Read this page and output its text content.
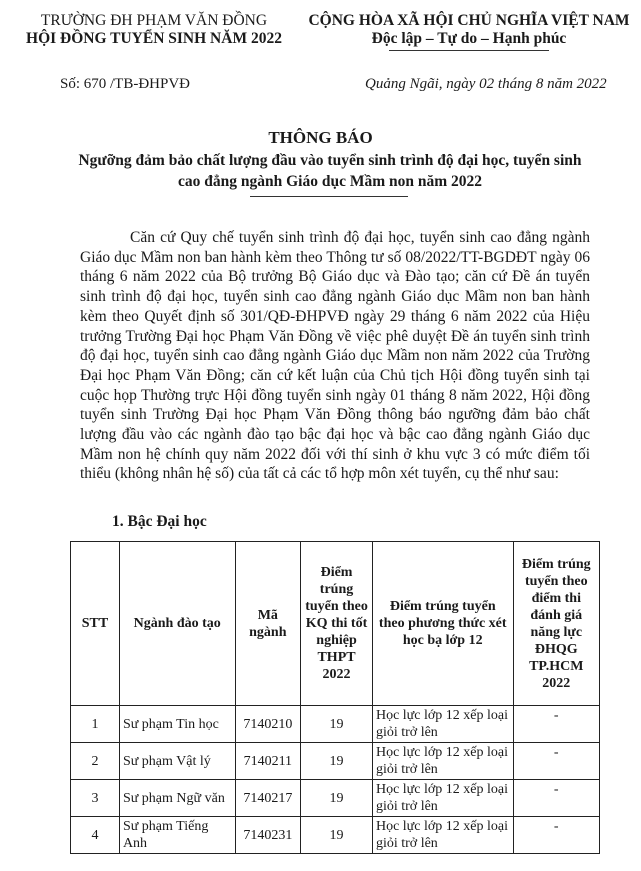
TRƯỜNG ĐH PHẠM VĂN ĐỒNG
HỘI ĐỒNG TUYỂN SINH NĂM 2022
CỘNG HÒA XÃ HỘI CHỦ NGHĨA VIỆT NAM
Độc lập – Tự do – Hạnh phúc
Số: 670 /TB-ĐHPVĐ	Quảng Ngãi, ngày 02 tháng 8 năm 2022
THÔNG BÁO
Ngưỡng đảm bảo chất lượng đầu vào tuyển sinh trình độ đại học, tuyển sinh cao đẳng ngành Giáo dục Mầm non năm 2022
Căn cứ Quy chế tuyển sinh trình độ đại học, tuyển sinh cao đẳng ngành Giáo dục Mầm non ban hành kèm theo Thông tư số 08/2022/TT-BGDĐT ngày 06 tháng 6 năm 2022 của Bộ trưởng Bộ Giáo dục và Đào tạo; căn cứ Đề án tuyển sinh trình độ đại học, tuyển sinh cao đẳng ngành Giáo dục Mầm non ban hành kèm theo Quyết định số 301/QĐ-ĐHPVĐ ngày 29 tháng 6 năm 2022 của Hiệu trưởng Trường Đại học Phạm Văn Đồng về việc phê duyệt Đề án tuyển sinh trình độ đại học, tuyển sinh cao đẳng ngành Giáo dục Mầm non năm 2022 của Trường Đại học Phạm Văn Đồng; căn cứ kết luận của Chủ tịch Hội đồng tuyển sinh tại cuộc họp Thường trực Hội đồng tuyển sinh ngày 01 tháng 8 năm 2022, Hội đồng tuyển sinh Trường Đại học Phạm Văn Đồng thông báo ngưỡng đảm bảo chất lượng đầu vào các ngành đào tạo bậc đại học và bậc cao đẳng ngành Giáo dục Mầm non hệ chính quy năm 2022 đối với thí sinh ở khu vực 3 có mức điểm tối thiểu (không nhân hệ số) của tất cả các tổ hợp môn xét tuyển, cụ thể như sau:
1. Bậc Đại học
STT	Ngành đào tạo	Mã ngành	Điểm trúng tuyển theo KQ thi tốt nghiệp THPT 2022	Điểm trúng tuyển theo phương thức xét học bạ lớp 12	Điểm trúng tuyển theo điểm thi đánh giá năng lực ĐHQG TP.HCM 2022
1	Sư phạm Tin học	7140210	19	Học lực lớp 12 xếp loại giỏi trở lên	-
2	Sư phạm Vật lý	7140211	19	Học lực lớp 12 xếp loại giỏi trở lên	-
3	Sư phạm Ngữ văn	7140217	19	Học lực lớp 12 xếp loại giỏi trở lên	-
4	Sư phạm Tiếng Anh	7140231	19	Học lực lớp 12 xếp loại giỏi trở lên	-
